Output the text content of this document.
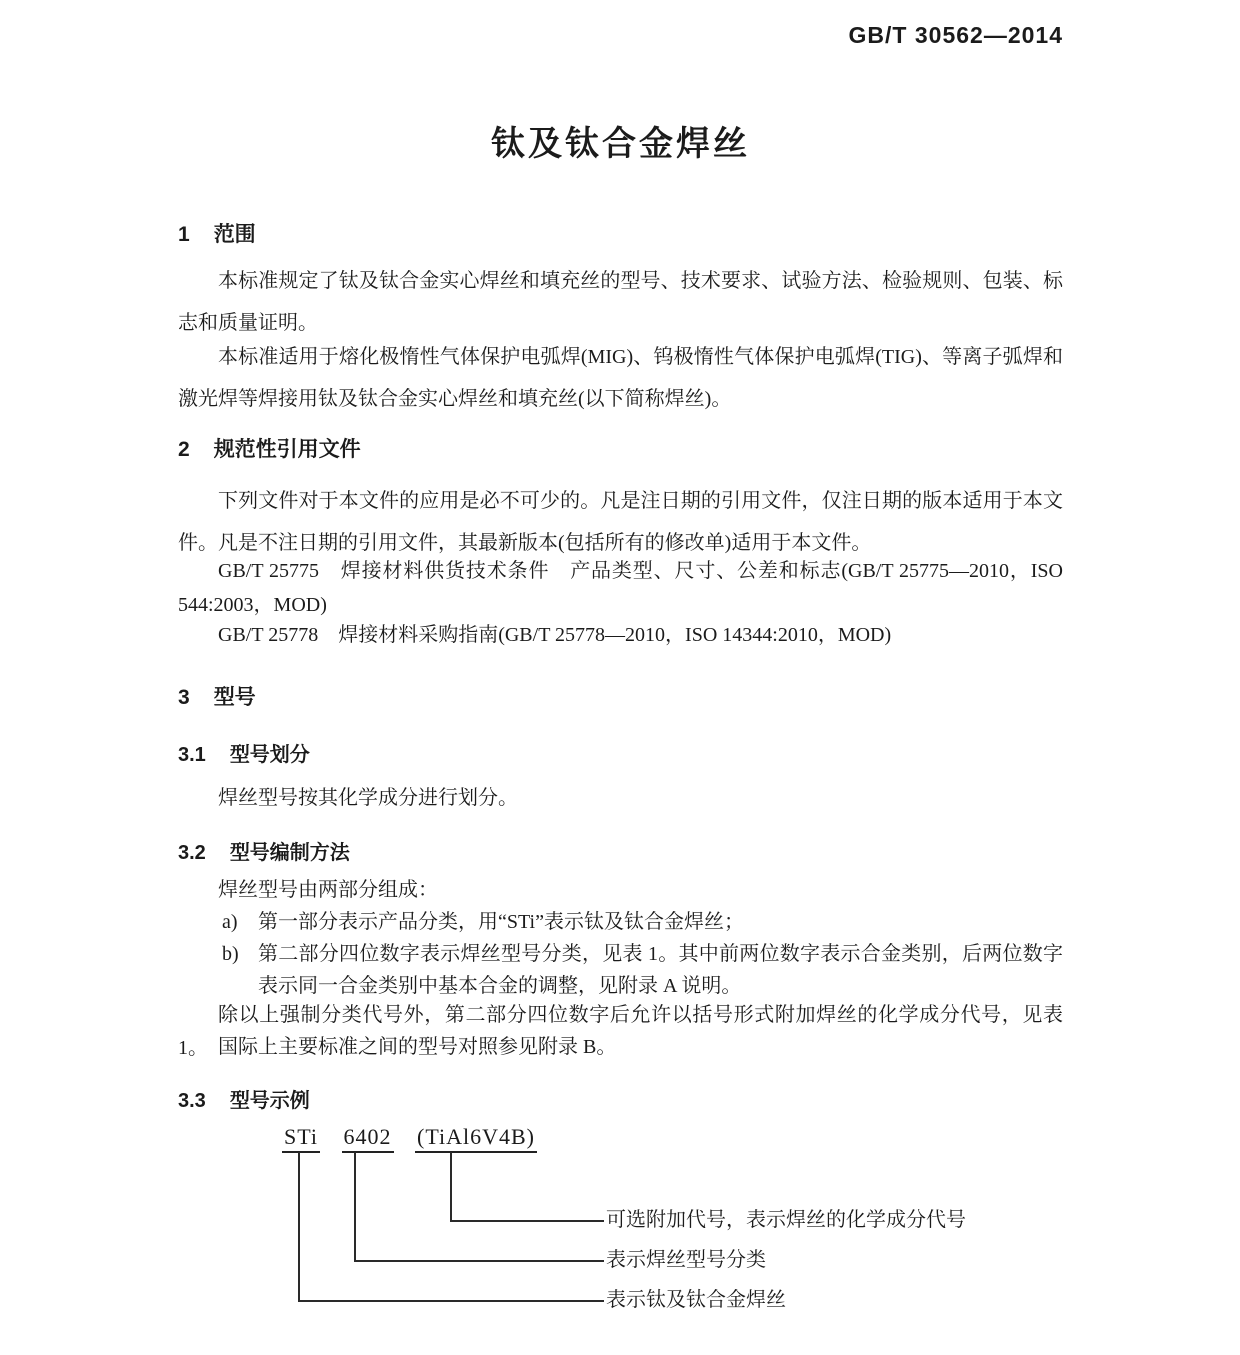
GB/T 30562—2014
钛及钛合金焊丝
1 范围
本标准规定了钛及钛合金实心焊丝和填充丝的型号、技术要求、试验方法、检验规则、包装、标志和质量证明。
本标准适用于熔化极惰性气体保护电弧焊(MIG)、钨极惰性气体保护电弧焊(TIG)、等离子弧焊和激光焊等焊接用钛及钛合金实心焊丝和填充丝(以下简称焊丝)。
2 规范性引用文件
下列文件对于本文件的应用是必不可少的。凡是注日期的引用文件，仅注日期的版本适用于本文件。凡是不注日期的引用文件，其最新版本(包括所有的修改单)适用于本文件。
GB/T 25775　焊接材料供货技术条件　产品类型、尺寸、公差和标志(GB/T 25775—2010，ISO 544:2003，MOD)
GB/T 25778　焊接材料采购指南(GB/T 25778—2010，ISO 14344:2010，MOD)
3 型号
3.1 型号划分
焊丝型号按其化学成分进行划分。
3.2 型号编制方法
焊丝型号由两部分组成：
a)	第一部分表示产品分类，用“STi”表示钛及钛合金焊丝；
b) 第二部分四位数字表示焊丝型号分类，见表 1。其中前两位数字表示合金类别，后两位数字表示同一合金类别中基本合金的调整，见附录 A 说明。
除以上强制分类代号外，第二部分四位数字后允许以括号形式附加焊丝的化学成分代号，见表 1。 国际上主要标准之间的型号对照参见附录 B。
3.3 型号示例
STi 6402 (TiAl6V4B)
可选附加代号，表示焊丝的化学成分代号
表示焊丝型号分类
表示钛及钛合金焊丝
